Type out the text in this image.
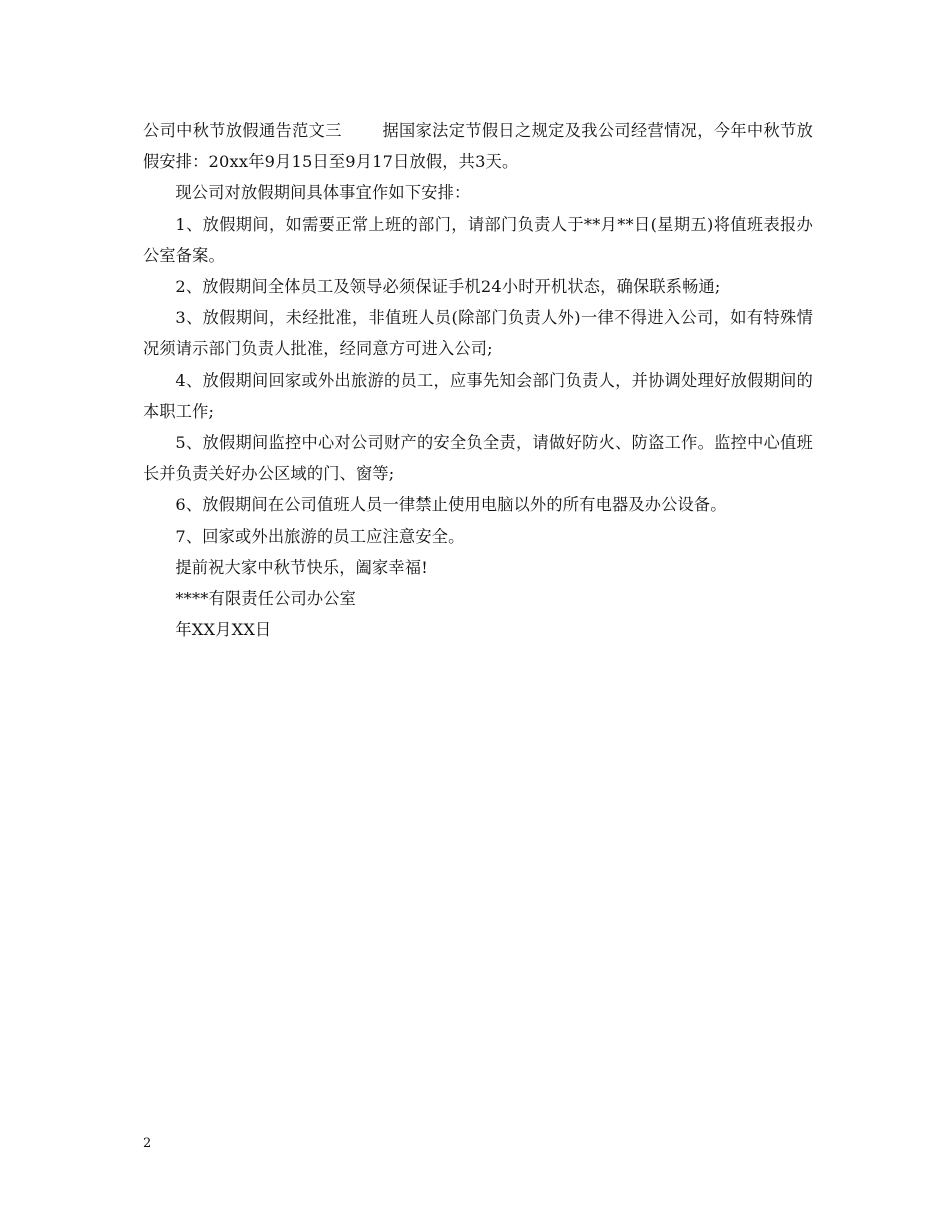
公司中秋节放假通告范文三	据国家法定节假日之规定及我公司经营情况，今年中秋节放假安排：20xx年9月15日至9月17日放假，共3天。

现公司对放假期间具体事宜作如下安排：

1、放假期间，如需要正常上班的部门，请部门负责人于**月**日(星期五)将值班表报办公室备案。

2、放假期间全体员工及领导必须保证手机24小时开机状态，确保联系畅通;

3、放假期间，未经批准，非值班人员(除部门负责人外)一律不得进入公司，如有特殊情况须请示部门负责人批准，经同意方可进入公司;

4、放假期间回家或外出旅游的员工，应事先知会部门负责人，并协调处理好放假期间的本职工作;

5、放假期间监控中心对公司财产的安全负全责，请做好防火、防盗工作。监控中心值班长并负责关好办公区域的门、窗等;

6、放假期间在公司值班人员一律禁止使用电脑以外的所有电器及办公设备。

7、回家或外出旅游的员工应注意安全。

提前祝大家中秋节快乐，阖家幸福!

****有限责任公司办公室

年XX月XX日

2
